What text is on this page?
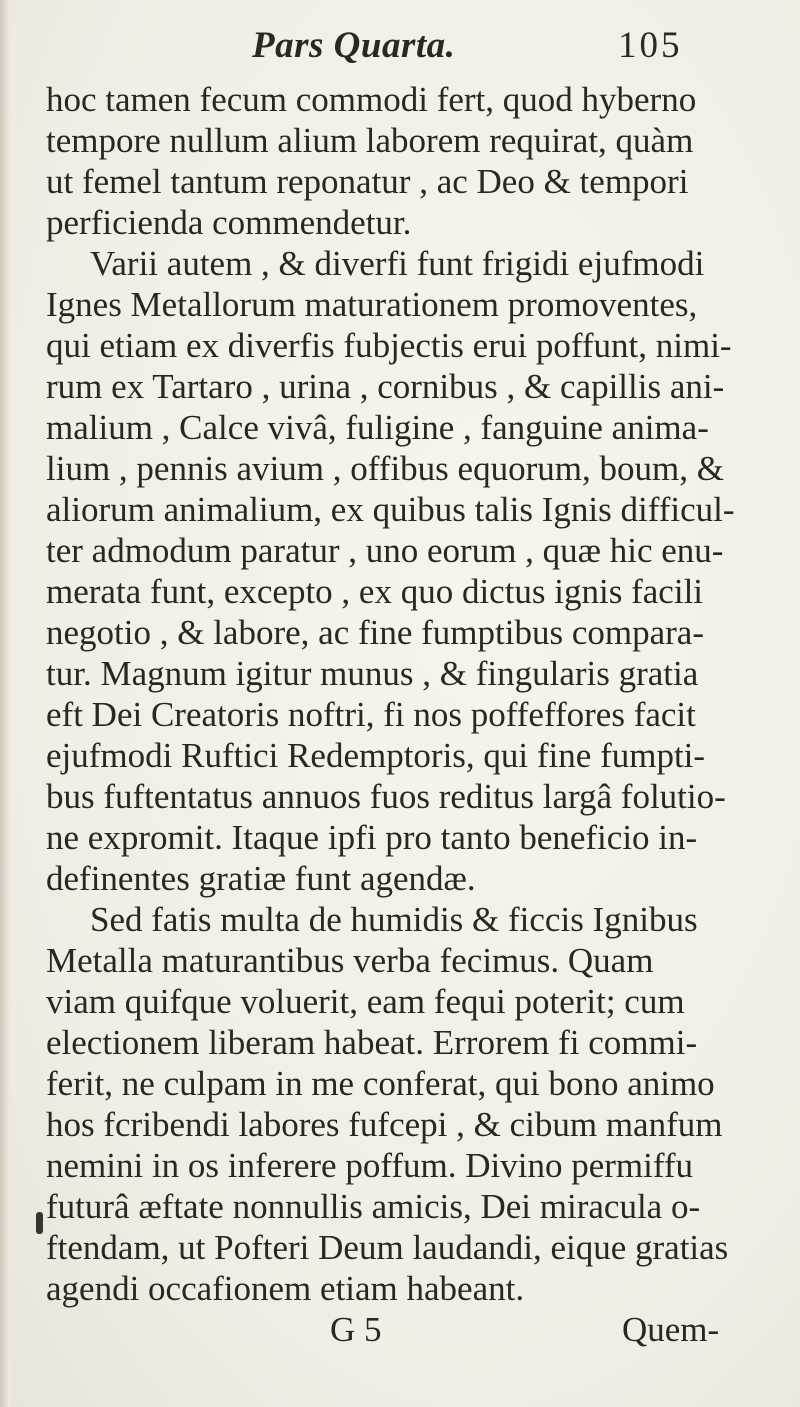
Pars Quarta.	105
hoc tamen fecum commodi fert, quod hyberno
tempore nullum alium laborem requirat, quàm
ut femel tantum reponatur , ac Deo & tempori
perficienda commendetur.
Varii autem , & diverfi funt frigidi ejufmodi
Ignes Metallorum maturationem promoventes,
qui etiam ex diverfis fubjectis erui poffunt, nimi-
rum ex Tartaro , urina , cornibus , & capillis ani-
malium , Calce vivâ, fuligine , fanguine anima-
lium , pennis avium , offibus equorum, boum, &
aliorum animalium, ex quibus talis Ignis difficul-
ter admodum paratur , uno eorum , quæ hic enu-
merata funt, excepto , ex quo dictus ignis facili
negotio , & labore, ac fine fumptibus compara-
tur. Magnum igitur munus , & fingularis gratia
eft Dei Creatoris noftri, fi nos poffeffores facit
ejufmodi Ruftici Redemptoris, qui fine fumpti-
bus fuftentatus annuos fuos reditus largâ folutio-
ne expromit. Itaque ipfi pro tanto beneficio in-
definentes gratiæ funt agendæ.
Sed fatis multa de humidis & ficcis Ignibus
Metalla maturantibus verba fecimus. Quam
viam quifque voluerit, eam fequi poterit; cum
electionem liberam habeat. Errorem fi commi-
ferit, ne culpam in me conferat, qui bono animo
hos fcribendi labores fufcepi , & cibum manfum
nemini in os inferere poffum. Divino permiffu
futurâ æftate nonnullis amicis, Dei miracula o-
ftendam, ut Pofteri Deum laudandi, eique gratias
agendi occafionem etiam habeant.
G 5	Quem-
